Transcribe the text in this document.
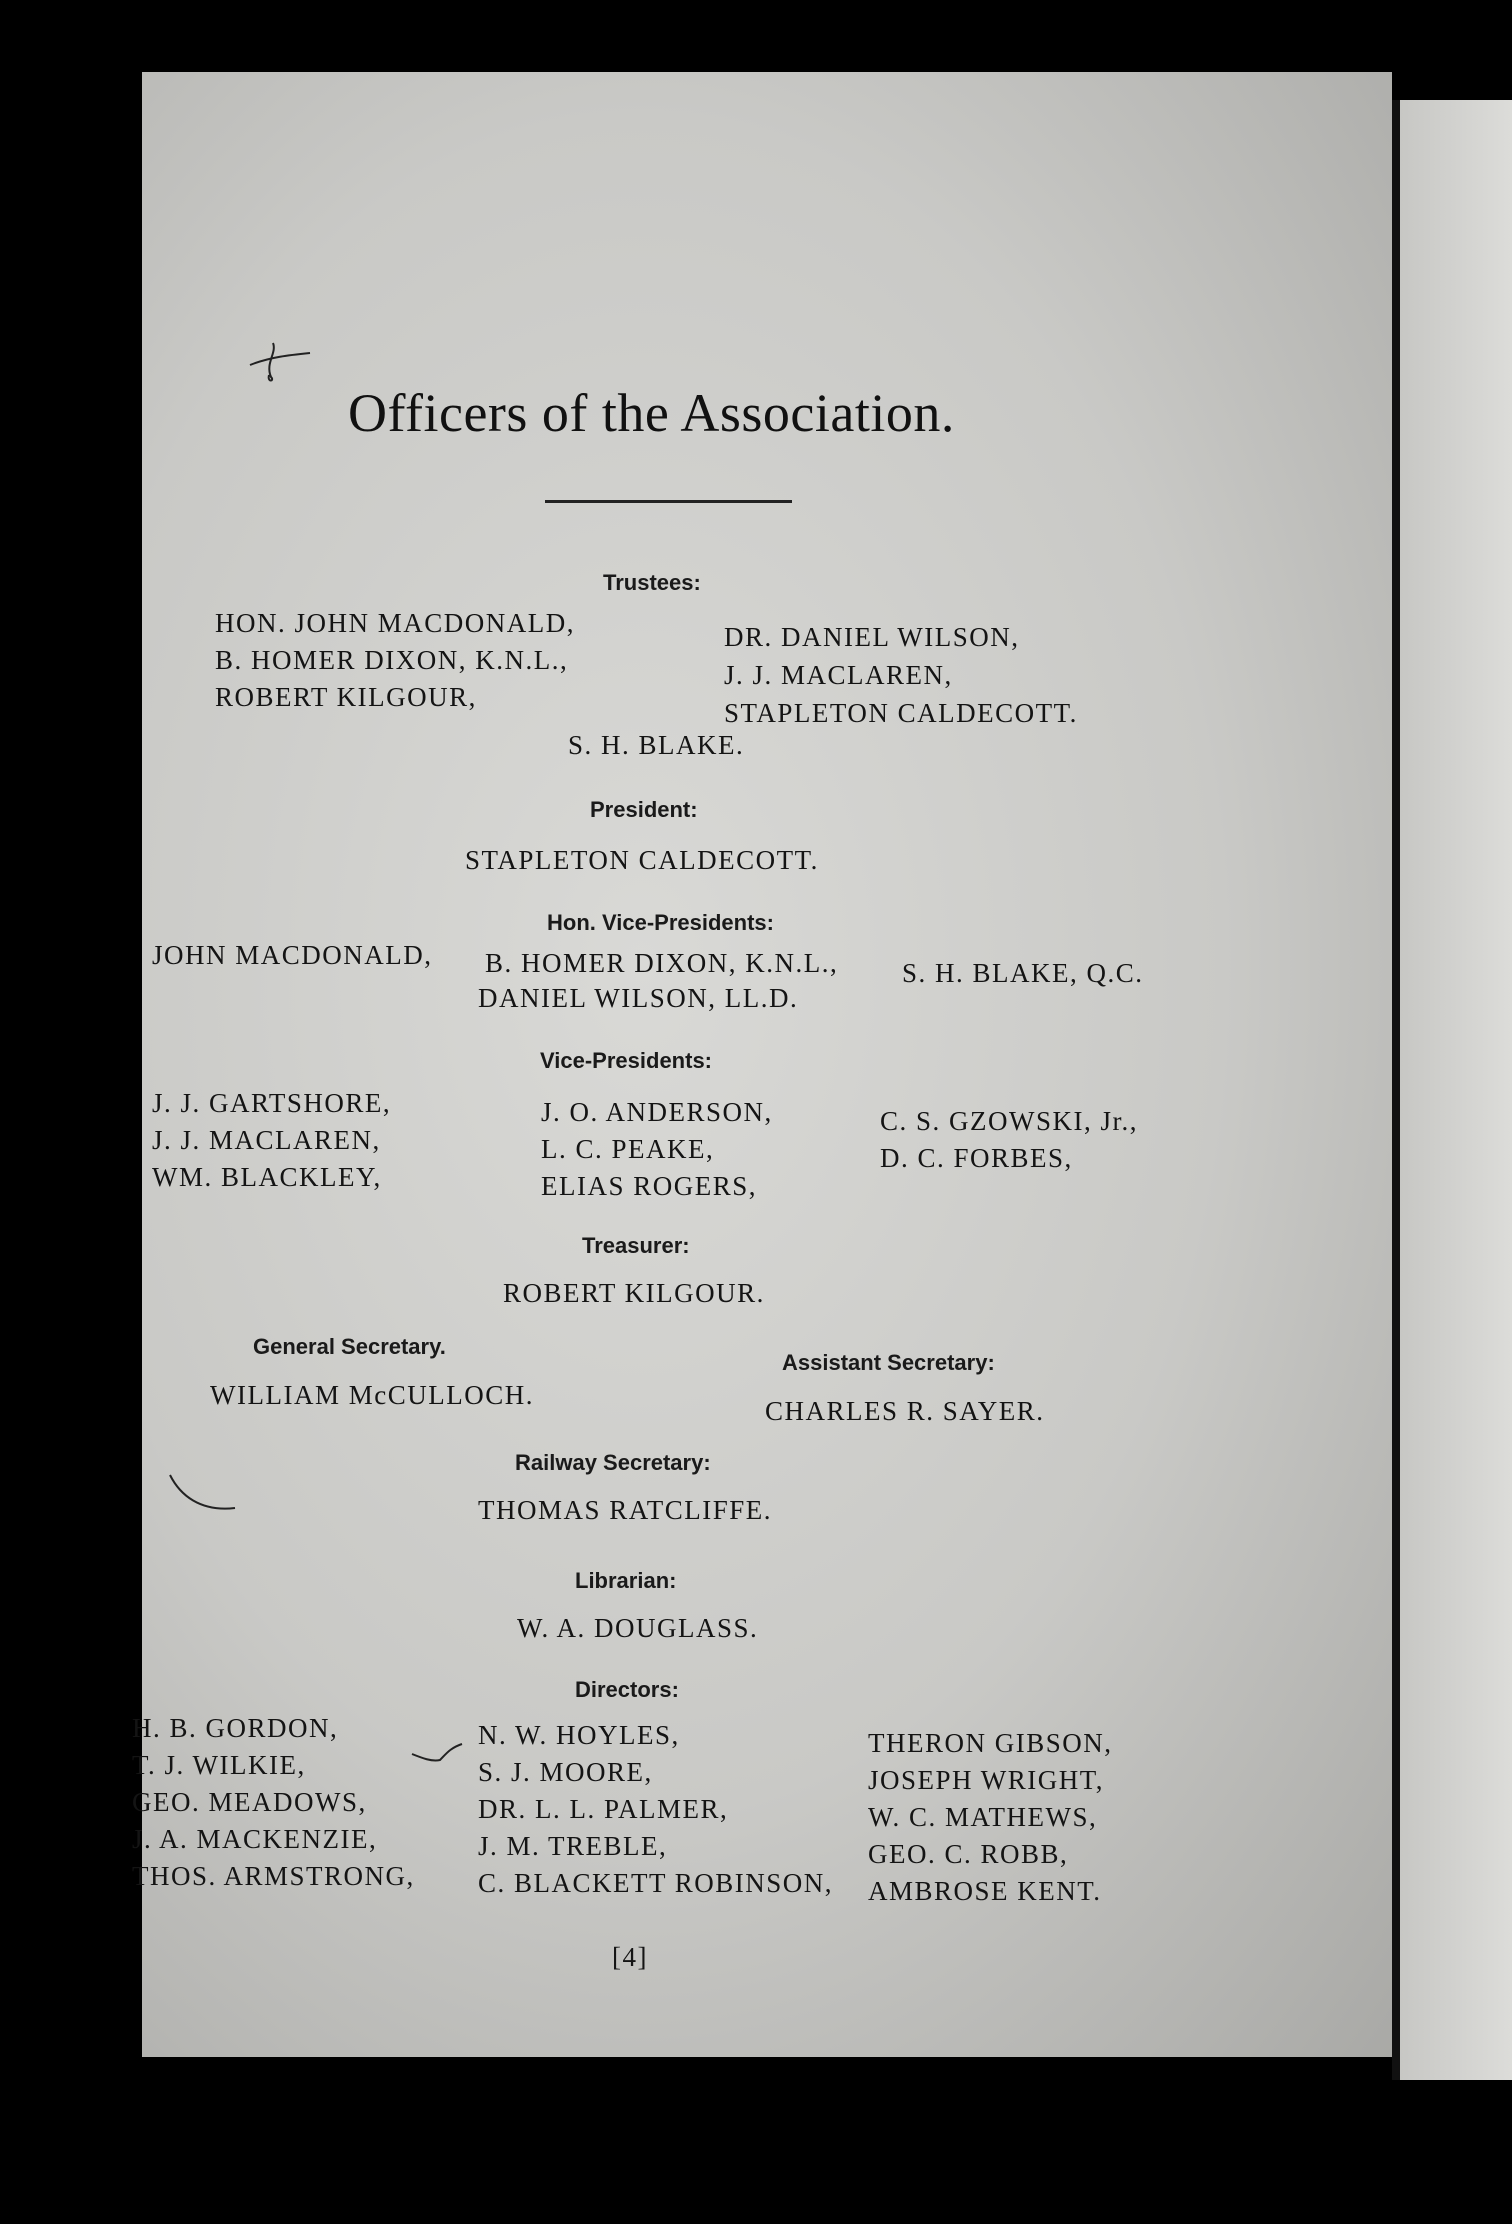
Officers of the Association.
Trustees:
HON. JOHN MACDONALD,
B. HOMER DIXON, K.N.L.,
ROBERT KILGOUR,
DR. DANIEL WILSON,
J. J. MACLAREN,
STAPLETON CALDECOTT.
S. H. BLAKE.
President:
STAPLETON CALDECOTT.
Hon. Vice-Presidents:
JOHN MACDONALD, B. HOMER DIXON, K.N.L., S. H. BLAKE, Q.C.
DANIEL WILSON, LL.D.
Vice-Presidents:
J. J. GARTSHORE,
J. J. MACLAREN,
WM. BLACKLEY,
J. O. ANDERSON,
L. C. PEAKE,
ELIAS ROGERS,
C. S. GZOWSKI, Jr.,
D. C. FORBES,
Treasurer:
ROBERT KILGOUR.
General Secretary.
WILLIAM McCULLOCH.
Assistant Secretary:
CHARLES R. SAYER.
Railway Secretary:
THOMAS RATCLIFFE.
Librarian:
W. A. DOUGLASS.
Directors:
H. B. GORDON,
T. J. WILKIE,
GEO. MEADOWS,
J. A. MACKENZIE,
THOS. ARMSTRONG,
N. W. HOYLES,
S. J. MOORE,
DR. L. L. PALMER,
J. M. TREBLE,
C. BLACKETT ROBINSON,
THERON GIBSON,
JOSEPH WRIGHT,
W. C. MATHEWS,
GEO. C. ROBB,
AMBROSE KENT.
[4]
